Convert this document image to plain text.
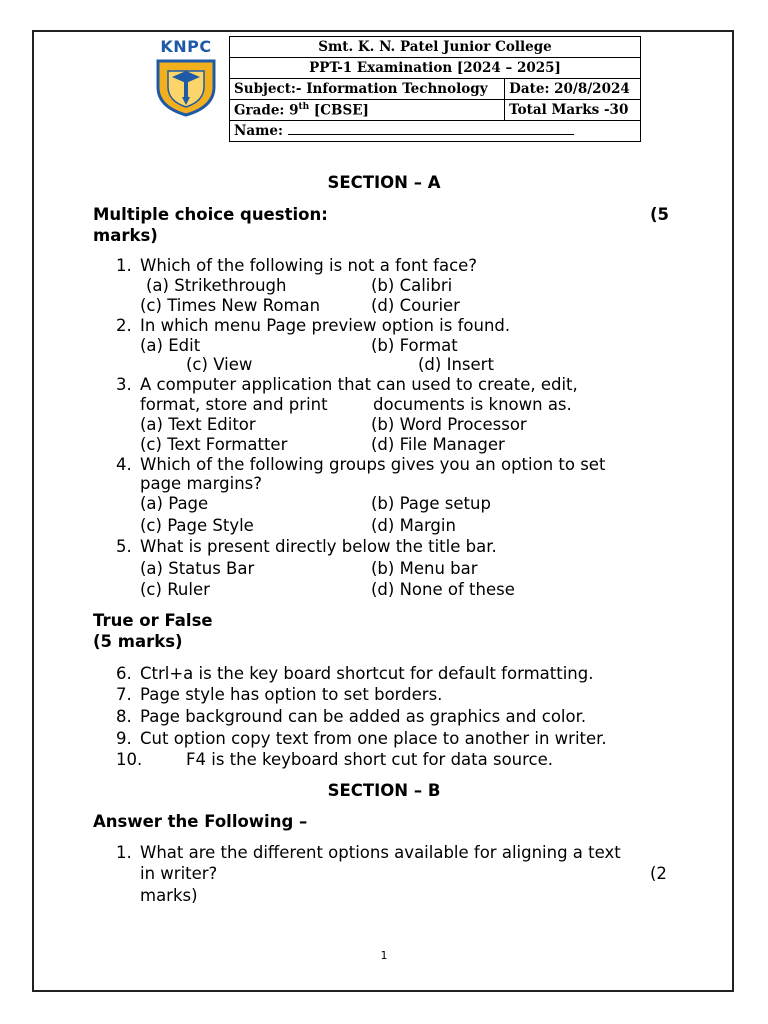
KNPC	Smt. K. N. Patel Junior College	
PPT-1 Examination [2024 – 2025]	
Subject:- Information Technology	Date: 20/8/2024
Grade: 9th [CBSE]	Total Marks -30
Name:	
SECTION – A
Multiple choice question:	(5
marks)
1. Which of the following is not a font face?
(a) Strikethrough	(b) Calibri
(c) Times New Roman	(d) Courier
2. In which menu Page preview option is found.
(a) Edit	(b) Format
(c) View	(d) Insert
3. A computer application that can used to create, edit,
format, store and print	documents is known as.
(a) Text Editor	(b) Word Processor
(c) Text Formatter	(d) File Manager
4. Which of the following groups gives you an option to set
page margins?
(a) Page	(b) Page setup
(c) Page Style	(d) Margin
5. What is present directly below the title bar.
(a) Status Bar	(b) Menu bar
(c) Ruler	(d) None of these
True or False
(5 marks)
6. Ctrl+a is the key board shortcut for default formatting.
7. Page style has option to set borders.
8. Page background can be added as graphics and color.
9. Cut option copy text from one place to another in writer.
10.	F4 is the keyboard short cut for data source.
SECTION – B
Answer the Following –
1. What are the different options available for aligning a text
in writer?	(2
marks)
1
